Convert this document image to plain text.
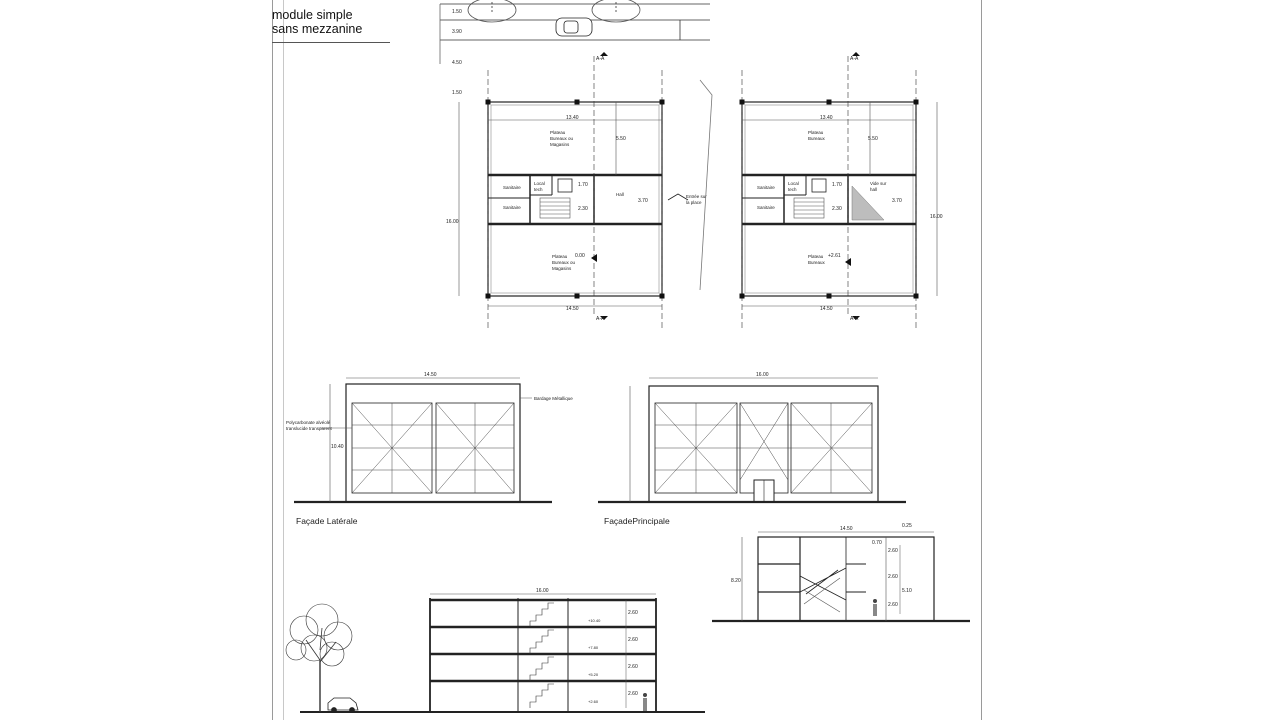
module simple
sans mezzanine
1.50
3.90
4.50
1.50
A-A
A-A
13.40
16.00
14.50
5.50
1.70
2.30
3.70
0.00
Plateau
Bureaux ou
Magasins
Plateau
Bureaux ou
Magasins
Sanitaire
Sanitaire
Local
tech
Hall	Entrée sur
la place
A-A
A-A
13.40
16.00
14.50
5.50
1.70
2.30
3.70
+2.61
Plateau
Bureaux
Plateau
Bureaux
Sanitaire
Sanitaire
Local
tech
Vide sur
hall
14.50
10.40
Polycarbonate alvéolé
translucide transparent
Bardage Métallique
Façade Latérale
16.00
FaçadePrincipale
14.50	0.25
0.70
8.20
2.60
2.60
2.60
5.10
16.00
2.60
2.60
2.60
2.60
+10.40
+7.80
+5.20
+2.60
